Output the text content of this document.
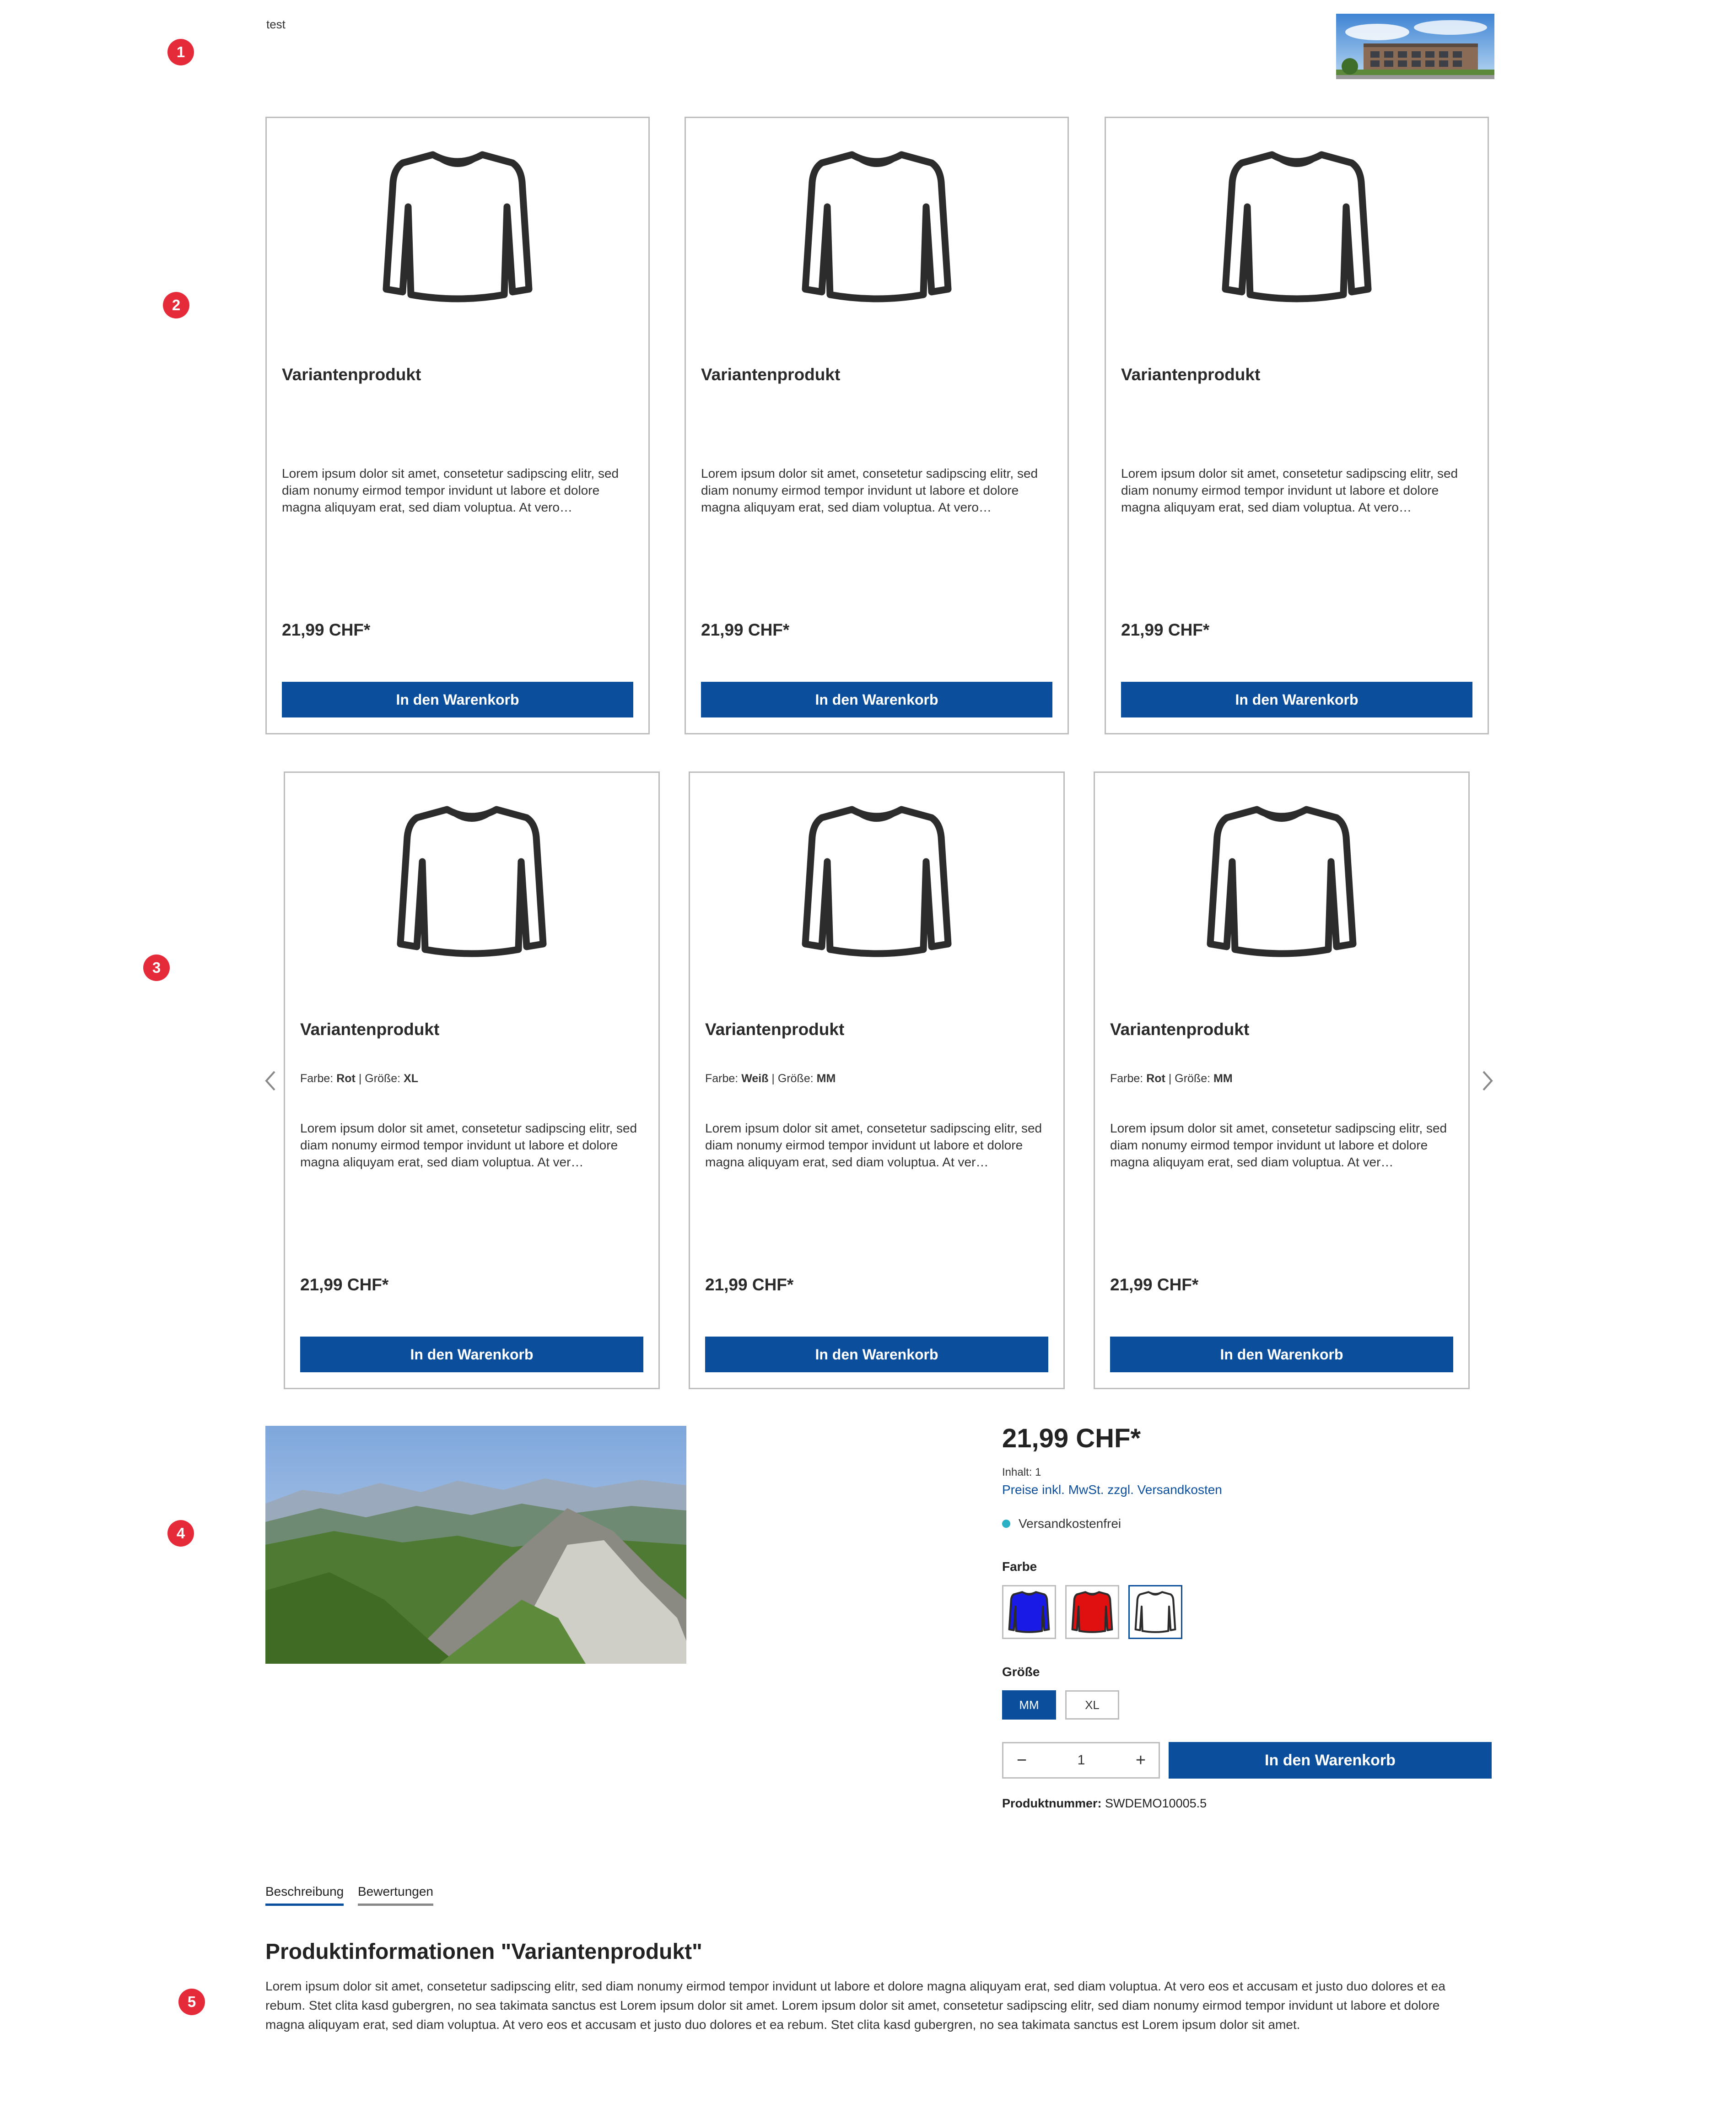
1
2
3
4
5
test
Variantenprodukt
Lorem ipsum dolor sit amet, consetetur sadipscing elitr, sed diam nonumy eirmod tempor invidunt ut labore et dolore magna aliquyam erat, sed diam voluptua. At vero…
21,99 CHF*
In den Warenkorb
Variantenprodukt
Lorem ipsum dolor sit amet, consetetur sadipscing elitr, sed diam nonumy eirmod tempor invidunt ut labore et dolore magna aliquyam erat, sed diam voluptua. At vero…
21,99 CHF*
In den Warenkorb
Variantenprodukt
Lorem ipsum dolor sit amet, consetetur sadipscing elitr, sed diam nonumy eirmod tempor invidunt ut labore et dolore magna aliquyam erat, sed diam voluptua. At vero…
21,99 CHF*
In den Warenkorb
Variantenprodukt
Farbe: Rot | Größe: XL
Lorem ipsum dolor sit amet, consetetur sadipscing elitr, sed diam nonumy eirmod tempor invidunt ut labore et dolore magna aliquyam erat, sed diam voluptua. At ver…
21,99 CHF*
In den Warenkorb
Variantenprodukt
Farbe: Weiß | Größe: MM
Lorem ipsum dolor sit amet, consetetur sadipscing elitr, sed diam nonumy eirmod tempor invidunt ut labore et dolore magna aliquyam erat, sed diam voluptua. At ver…
21,99 CHF*
In den Warenkorb
Variantenprodukt
Farbe: Rot | Größe: MM
Lorem ipsum dolor sit amet, consetetur sadipscing elitr, sed diam nonumy eirmod tempor invidunt ut labore et dolore magna aliquyam erat, sed diam voluptua. At ver…
21,99 CHF*
In den Warenkorb
21,99 CHF*
Inhalt: 1
Preise inkl. MwSt. zzgl. Versandkosten
Versandkostenfrei
Farbe
Größe
MM	XL
−	1	+	In den Warenkorb
Produktnummer: SWDEMO10005.5
Beschreibung Bewertungen
Produktinformationen "Variantenprodukt"
Lorem ipsum dolor sit amet, consetetur sadipscing elitr, sed diam nonumy eirmod tempor invidunt ut labore et dolore magna aliquyam erat, sed diam voluptua. At vero eos et accusam et justo duo dolores et ea rebum. Stet clita kasd gubergren, no sea takimata sanctus est Lorem ipsum dolor sit amet. Lorem ipsum dolor sit amet, consetetur sadipscing elitr, sed diam nonumy eirmod tempor invidunt ut labore et dolore magna aliquyam erat, sed diam voluptua. At vero eos et accusam et justo duo dolores et ea rebum. Stet clita kasd gubergren, no sea takimata sanctus est Lorem ipsum dolor sit amet.
